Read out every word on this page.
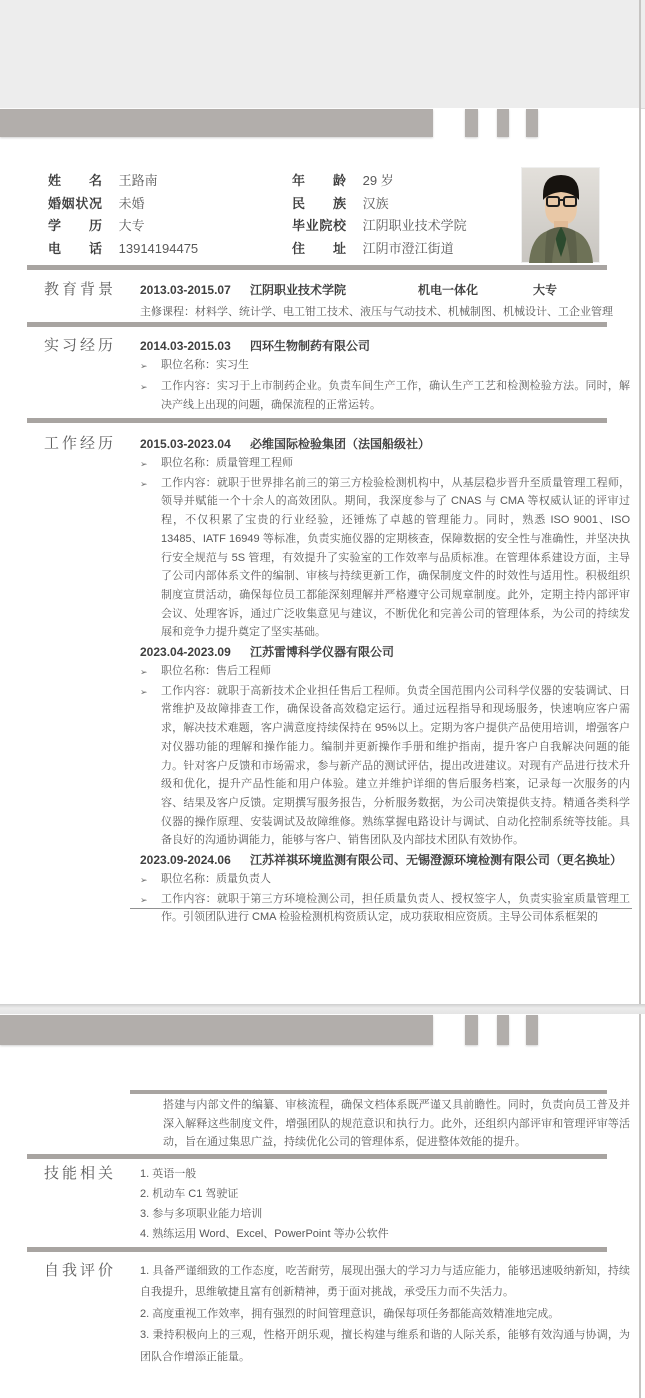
姓名 王路南
婚姻状况 未婚
学历 大专
电话 13914194475
年龄 29 岁
民族 汉族
毕业院校 江阴职业技术学院
住址 江阴市澄江街道
教育背景 2013.03-2015.07	江阴职业技术学院	机电一体化	大专
主修课程：材料学、统计学、电工钳工技术、液压与气动技术、机械制图、机械设计、工企业管理
实习经历 2014.03-2015.03	四环生物制药有限公司
➢	职位名称：实习生
➢	工作内容：实习于上市制药企业。负责车间生产工作，确认生产工艺和检测检验方法。同时，解决产线上出现的问题，确保流程的正常运转。
工作经历 2015.03-2023.04	必维国际检验集团（法国船级社）
➢	职位名称：质量管理工程师
➢	工作内容：就职于世界排名前三的第三方检验检测机构中，从基层稳步晋升至质量管理工程师，领导并赋能一个十余人的高效团队。期间，我深度参与了 CNAS 与 CMA 等权威认证的评审过程，不仅积累了宝贵的行业经验，还锤炼了卓越的管理能力。同时，熟悉 ISO 9001、ISO 13485、IATF 16949 等标准，负责实施仪器的定期核查，保障数据的安全性与准确性，并坚决执行安全规范与 5S 管理，有效提升了实验室的工作效率与品质标准。在管理体系建设方面，主导了公司内部体系文件的编制、审核与持续更新工作，确保制度文件的时效性与适用性。积极组织制度宣贯活动，确保每位员工都能深刻理解并严格遵守公司规章制度。此外，定期主持内部评审会议、处理客诉，通过广泛收集意见与建议，不断优化和完善公司的管理体系，为公司的持续发展和竞争力提升奠定了坚实基础。
2023.04-2023.09	江苏雷博科学仪器有限公司
➢	职位名称：售后工程师
➢	工作内容：就职于高新技术企业担任售后工程师。负责全国范围内公司科学仪器的安装调试、日常维护及故障排查工作，确保设备高效稳定运行。通过远程指导和现场服务，快速响应客户需求，解决技术难题，客户满意度持续保持在 95%以上。定期为客户提供产品使用培训，增强客户对仪器功能的理解和操作能力。编制并更新操作手册和维护指南，提升客户自我解决问题的能力。针对客户反馈和市场需求，参与新产品的测试评估，提出改进建议。对现有产品进行技术升级和优化，提升产品性能和用户体验。建立并维护详细的售后服务档案，记录每一次服务的内容、结果及客户反馈。定期撰写服务报告，分析服务数据，为公司决策提供支持。精通各类科学仪器的操作原理、安装调试及故障维修。熟练掌握电路设计与调试、自动化控制系统等技能。具备良好的沟通协调能力，能够与客户、销售团队及内部技术团队有效协作。
2023.09-2024.06	江苏祥祺环境监测有限公司、无锡澄源环境检测有限公司（更名换址）
➢	职位名称：质量负责人
➢	工作内容：就职于第三方环境检测公司，担任质量负责人、授权签字人，负责实验室质量管理工作。引领团队进行 CMA 检验检测机构资质认定，成功获取相应资质。主导公司体系框架的
搭建与内部文件的编纂、审核流程，确保文档体系既严谨又具前瞻性。同时，负责向员工普及并深入解释这些制度文件，增强团队的规范意识和执行力。此外，还组织内部评审和管理评审等活动，旨在通过集思广益，持续优化公司的管理体系，促进整体效能的提升。
技能相关	1. 英语一般
2. 机动车 C1 驾驶证
3. 参与多项职业能力培训
4. 熟练运用 Word、Excel、PowerPoint 等办公软件
自我评价	1. 具备严谨细致的工作态度，吃苦耐劳，展现出强大的学习力与适应能力，能够迅速吸纳新知，持续自我提升，思维敏捷且富有创新精神，勇于面对挑战，承受压力而不失活力。
2. 高度重视工作效率，拥有强烈的时间管理意识，确保每项任务都能高效精准地完成。
3. 秉持积极向上的三观，性格开朗乐观，擅长构建与维系和谐的人际关系，能够有效沟通与协调，为团队合作增添正能量。
